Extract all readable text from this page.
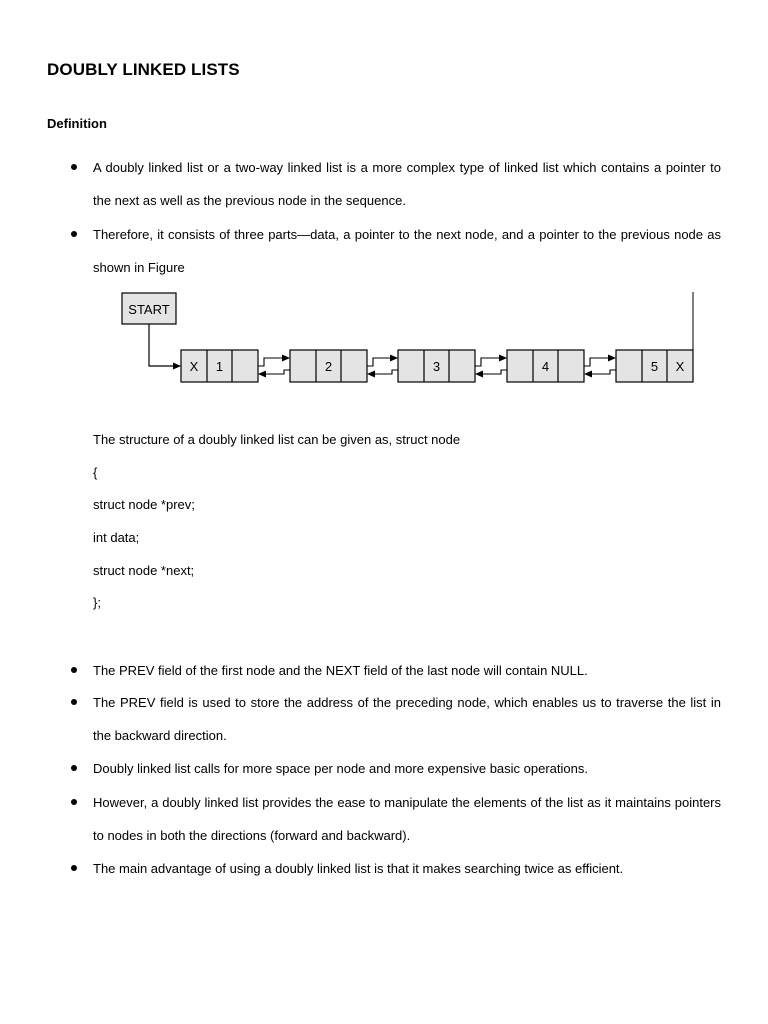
DOUBLY LINKED LISTS
Definition
A doubly linked list or a two-way linked list is a more complex type of linked list which contains a pointer to the next as well as the previous node in the sequence.
Therefore, it consists of three parts—data, a pointer to the next node, and a pointer to the previous node as shown in Figure
START
X 1	2	3	4	5 X

The structure of a doubly linked list can be given as, struct node

{

struct node *prev;

int data;

struct node *next;

};

The PREV field of the first node and the NEXT field of the last node will contain NULL.
The PREV field is used to store the address of the preceding node, which enables us to traverse the list in the backward direction.
Doubly linked list calls for more space per node and more expensive basic operations.
However, a doubly linked list provides the ease to manipulate the elements of the list as it maintains pointers to nodes in both the directions (forward and backward).
The main advantage of using a doubly linked list is that it makes searching twice as efficient.
